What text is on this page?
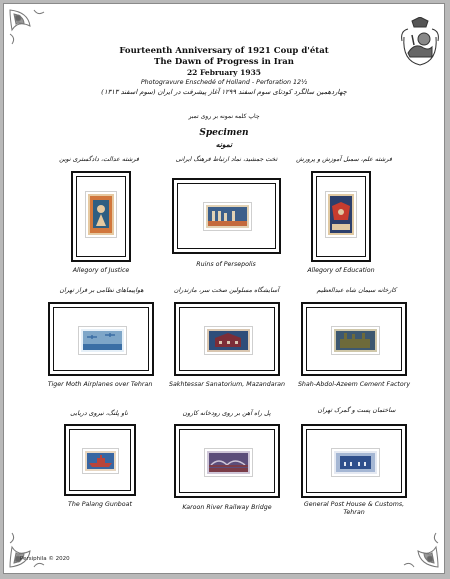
Fourteenth Anniversary of 1921 Coup d'état
The Dawn of Progress in Iran
22 February 1935
Photogravure Enschedé of Holland - Perforation 12½
چهاردهمین سالگرد کودتای سوم اسفند ۱۲۹۹ آغاز پیشرفت در ایران (سوم اسفند ۱۳۱۳)
چاپ کلمه نمونه بر روی تمبر
Specimen
نمونه
فرشته عدالت، دادگستری نوین
Allegory of Justice
تخت جمشید، نماد ارتباط فرهنگ ایرانی
Ruins of Persepolis
فرشته علم، سمبل آموزش و پرورش
Allegory of Education
هواپیماهای نظامی بر فراز تهران
Tiger Moth Airplanes over Tehran
آسایشگاه مسلولین صخت سر، مازندران
Sakhtessar Sanatorium, Mazandaran
کارخانه سیمان شاه عبدالعظیم
Shah-Abdol-Azeem Cement Factory
ناو پلنگ، نیروی دریایی
The Palang Gunboat
پل راه آهن بر روی رودخانه کارون
Karoon River Railway Bridge
ساختمان پست و گمرک تهران
General Post House & Customs, Tehran
Persiphila © 2020
